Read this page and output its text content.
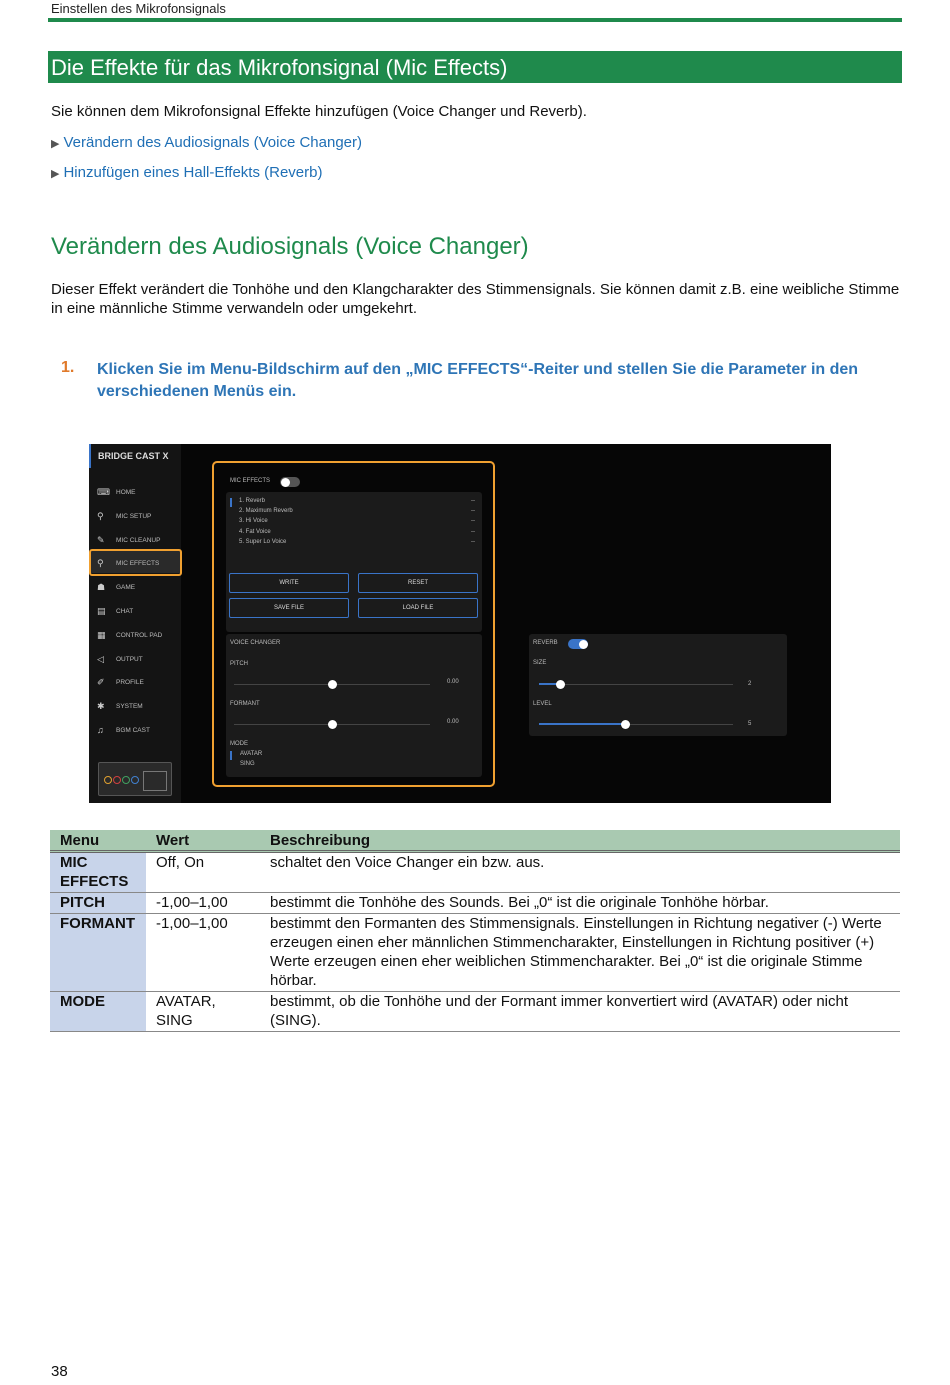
Einstellen des Mikrofonsignals
Die Effekte für das Mikrofonsignal (Mic Effects)
Sie können dem Mikrofonsignal Effekte hinzufügen (Voice Changer und Reverb).
▶ Verändern des Audiosignals (Voice Changer)
▶ Hinzufügen eines Hall-Effekts (Reverb)
Verändern des Audiosignals (Voice Changer)
Dieser Effekt verändert die Tonhöhe und den Klangcharakter des Stimmensignals. Sie können damit z.B. eine weibliche Stimme in eine männliche Stimme verwandeln oder umgekehrt.
1. Klicken Sie im Menu-Bildschirm auf den „MIC EFFECTS“-Reiter und stellen Sie die Parameter in den verschiedenen Menüs ein.
BRIDGE CAST X
⌨ HOME
⚲	MIC SETUP
✎	MIC CLEANUP
⚲	MIC EFFECTS
☗	GAME
▤	CHAT
▦	CONTROL PAD
◁	OUTPUT
✐	PROFILE
✱	SYSTEM
♫	BGM CAST
MIC EFFECTS
1. Reverb	--
2. Maximum Reverb	--
3. Hi Voice	--
4. Fat Voice	--
5. Super Lo Voice	--
WRITE	RESET
SAVE FILE	LOAD FILE
VOICE CHANGER
PITCH
0.00
FORMANT
0.00
MODE
AVATAR
SING
REVERB
SIZE
2
LEVEL
5
Menu	Wert	Beschreibung
MIC EFFECTS	Off, On	schaltet den Voice Changer ein bzw. aus.
PITCH	-1,00–1,00	bestimmt die Tonhöhe des Sounds. Bei „0“ ist die originale Tonhöhe hörbar.
FORMANT	-1,00–1,00	bestimmt den Formanten des Stimmensignals. Einstellungen in Richtung negativer (-) Werte erzeugen einen eher männlichen Stimmencharakter, Einstellungen in Richtung positiver (+) Werte erzeugen einen eher weiblichen Stimmencharakter. Bei „0“ ist die originale Stimme hörbar.
MODE	AVATAR, SING	bestimmt, ob die Tonhöhe und der Formant immer konvertiert wird (AVATAR) oder nicht (SING).
38
